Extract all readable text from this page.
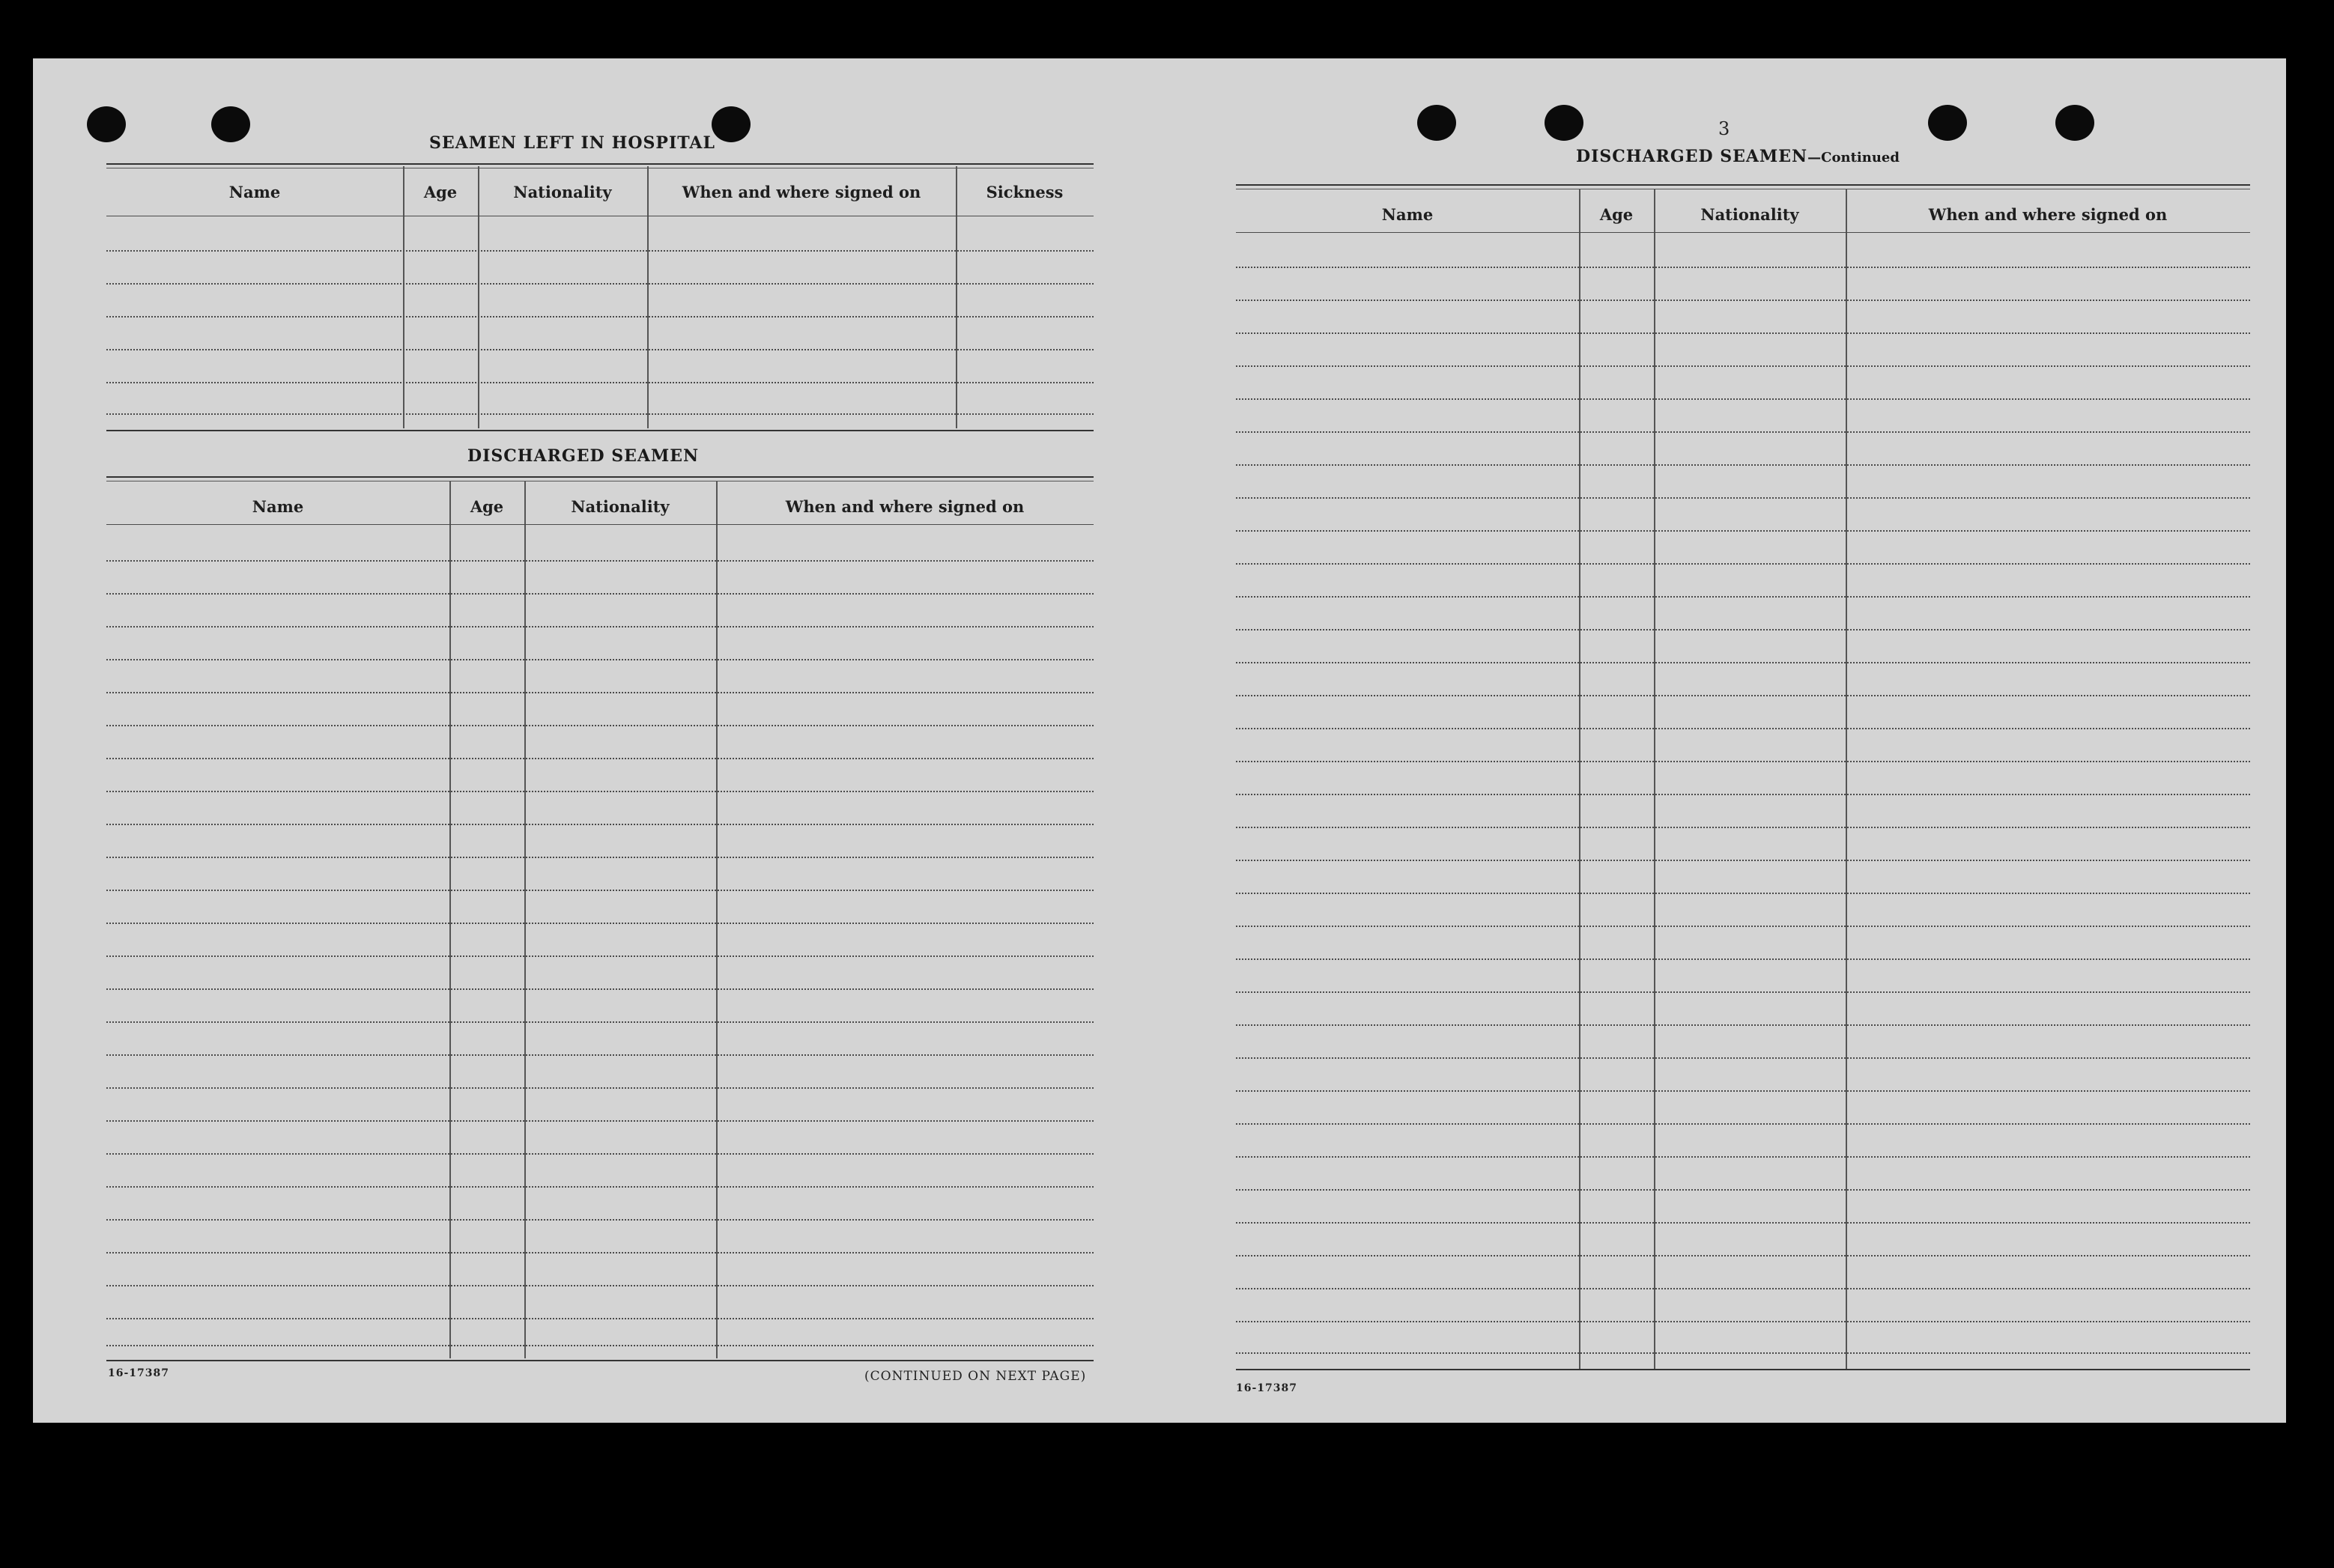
SEAMEN LEFT IN HOSPITAL
Name	Age	Nationality	When and where signed on	Sickness
DISCHARGED SEAMEN
Name	Age	Nationality	When and where signed on
16-17387	(CONTINUED ON NEXT PAGE)
3
DISCHARGED SEAMEN—Continued
Name	Age	Nationality	When and where signed on
16-17387
